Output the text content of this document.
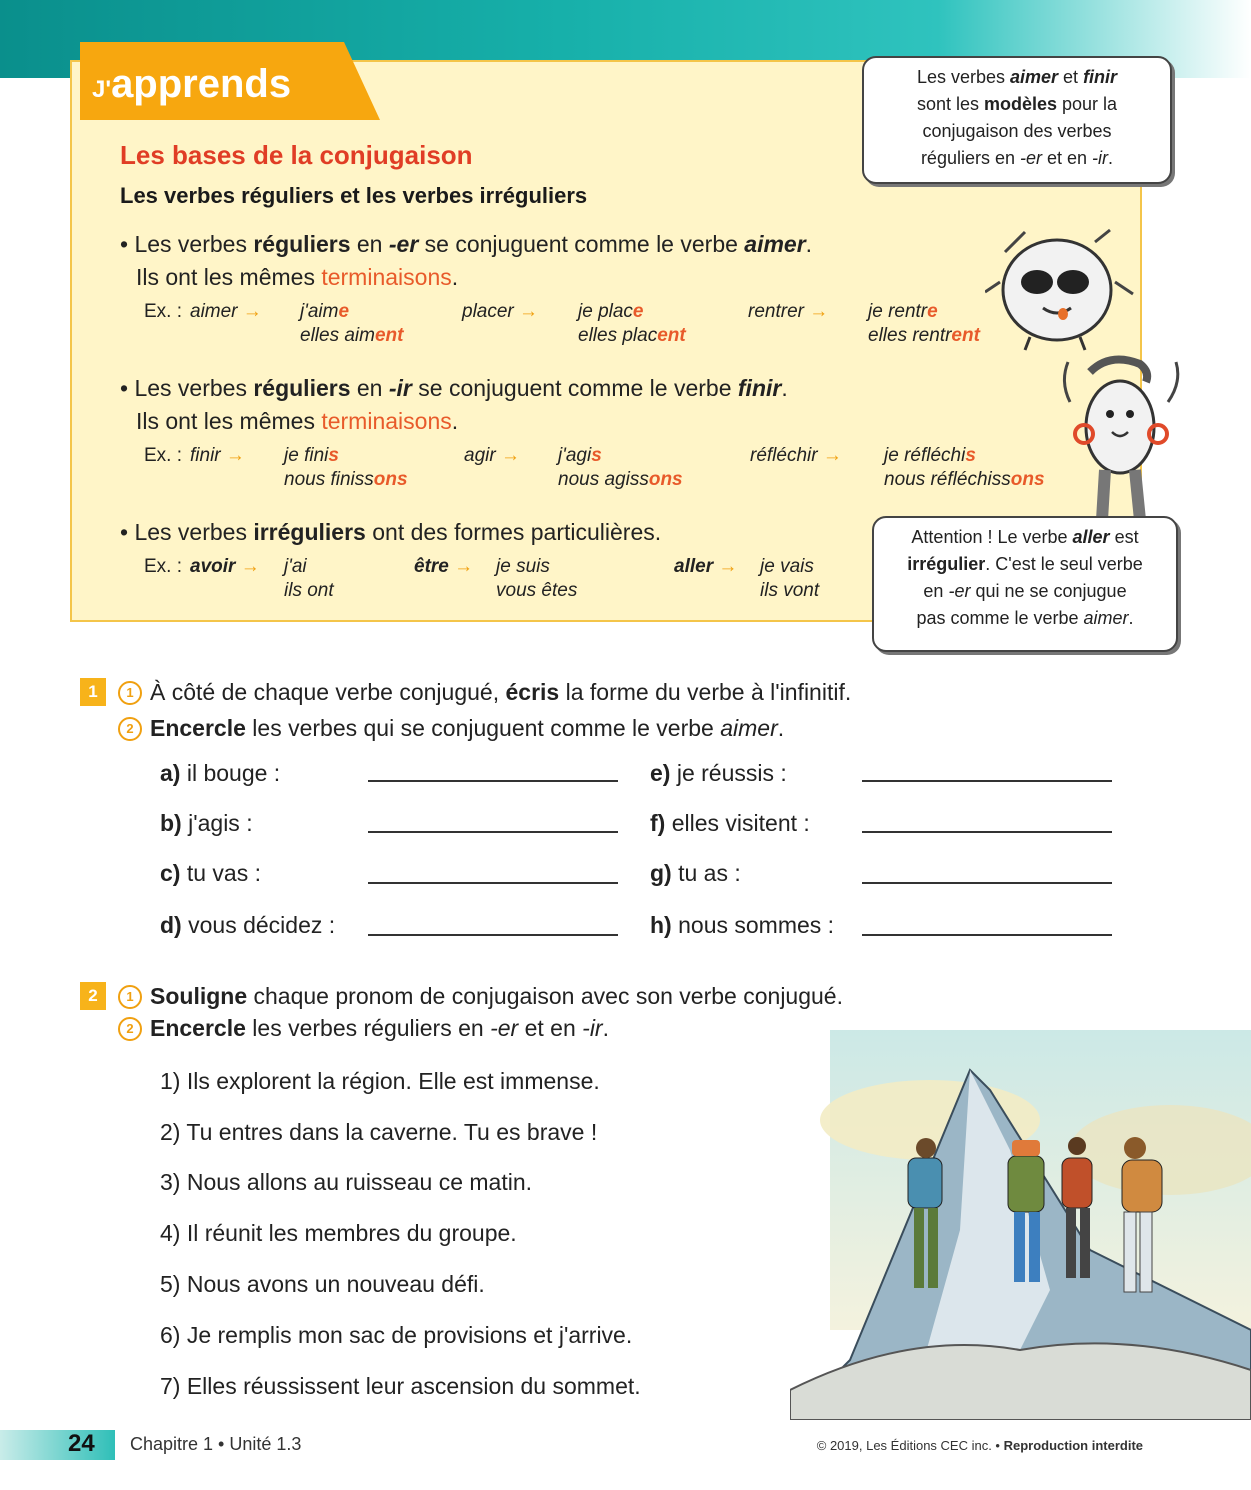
J'apprends
Les bases de la conjugaison
Les verbes réguliers et les verbes irréguliers
• Les verbes réguliers en -er se conjuguent comme le verbe aimer.
Ils ont les mêmes terminaisons.
Ex. : aimer → j'aime
elles aiment
placer → je place
elles placent
rentrer → je rentre
elles rentrent
• Les verbes réguliers en -ir se conjuguent comme le verbe finir.
Ils ont les mêmes terminaisons.
Ex. : finir → je finis
nous finissons
agir → j'agis
nous agissons
réfléchir → je réfléchis
nous réfléchissons
• Les verbes irréguliers ont des formes particulières.
Ex. : avoir → j'ai
ils ont
être → je suis
vous êtes
aller → je vais
ils vont
Les verbes aimer et finir
sont les modèles pour la
conjugaison des verbes
réguliers en -er et en -ir.
Attention ! Le verbe aller est
irrégulier. C'est le seul verbe
en -er qui ne se conjugue
pas comme le verbe aimer.
1	1 À côté de chaque verbe conjugué, écris la forme du verbe à l'infinitif.
2 Encercle les verbes qui se conjuguent comme le verbe aimer.
a) il bouge :
b) j'agis :
c) tu vas :
d) vous décidez :
e) je réussis :
f) elles visitent :
g) tu as :
h) nous sommes :
2	1 Souligne chaque pronom de conjugaison avec son verbe conjugué.
2 Encercle les verbes réguliers en -er et en -ir.
1) Ils explorent la région. Elle est immense.
2) Tu entres dans la caverne. Tu es brave !
3) Nous allons au ruisseau ce matin.
4) Il réunit les membres du groupe.
5) Nous avons un nouveau défi.
6) Je remplis mon sac de provisions et j'arrive.
7) Elles réussissent leur ascension du sommet.
24 Chapitre 1 • Unité 1.3	© 2019, Les Éditions CEC inc. • Reproduction interdite
